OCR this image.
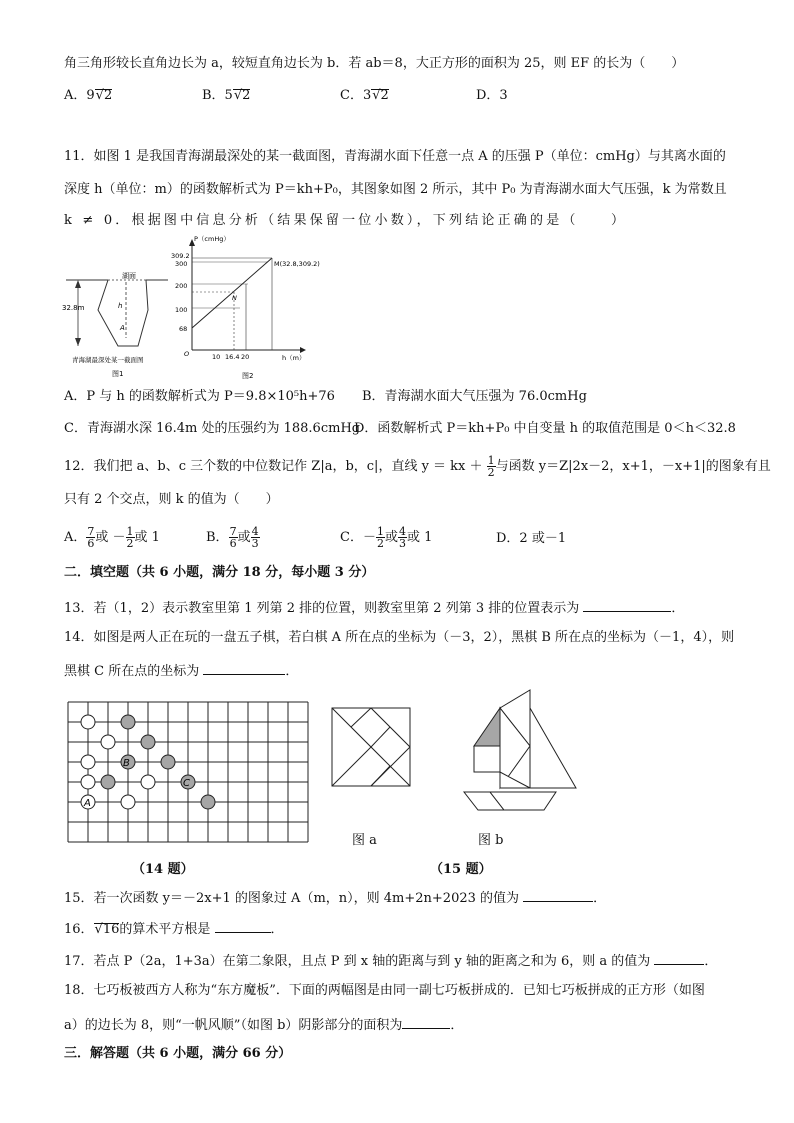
角三角形较长直角边长为 a，较短直角边长为 b．若 ab＝8，大正方形的面积为 25，则 EF 的长为（　　）
A．9√2	B．5√2	C．3√2	D．3
11．如图 1 是我国青海湖最深处的某一截面图，青海湖水面下任意一点 A 的压强 P（单位：cmHg）与其离水面的
深度 h（单位：m）的函数解析式为 P＝kh+P₀，其图象如图 2 所示，其中 P₀ 为青海湖水面大气压强，k 为常数且
k ≠ 0．根据图中信息分析（结果保留一位小数），下列结论正确的是（　　）
湖面
h
A
32.8m
青海湖最深处某一截面图
图1
P（cmHg）
309.2
300
200
100
68
O	10 16.4 20	h（m）
M(32.8,309.2)
N
图2
A．P 与 h 的函数解析式为 P＝9.8×10⁵h+76 B．青海湖水面大气压强为 76.0cmHg
C．青海湖水深 16.4m 处的压强约为 188.6cmHg
D．函数解析式 P＝kh+P₀ 中自变量 h 的取值范围是 0＜h＜32.8
12．我们把 a、b、c 三个数的中位数记作 Z|a，b，c|，直线 y ＝ kx ＋ $\frac{1}{2}$ 与函数 y＝Z|2x－2，x+1，－x+1|的图象有且
只有 2 个交点，则 k 的值为（　　）
A． $\frac{7}{6}$ 或 － $\frac{1}{2}$ 或 1	B． $\frac{7}{6}$ 或 $\frac{4}{3}$	C．－ $\frac{1}{2}$ 或 $\frac{4}{3}$ 或 1	D．2 或－1
二．填空题（共 6 小题，满分 18 分，每小题 3 分）
13．若（1，2）表示教室里第 1 列第 2 排的位置，则教室里第 2 列第 3 排的位置表示为	．
14．如图是两人正在玩的一盘五子棋，若白棋 A 所在点的坐标为（－3，2），黑棋 B 所在点的坐标为（－1，4），则
黑棋 C 所在点的坐标为	．
A
B
C
（14 题）
图 a	图 b
（15 题）
15．若一次函数 y＝－2x+1 的图象过 A（m，n），则 4m+2n+2023 的值为	．
16．√16的算术平方根是	．
17．若点 P（2a，1+3a）在第二象限，且点 P 到 x 轴的距离与到 y 轴的距离之和为 6，则 a 的值为	．
18．七巧板被西方人称为“东方魔板”．下面的两幅图是由同一副七巧板拼成的．已知七巧板拼成的正方形（如图
a）的边长为 8，则“一帆风顺”（如图 b）阴影部分的面积为	．
三．解答题（共 6 小题，满分 66 分）
